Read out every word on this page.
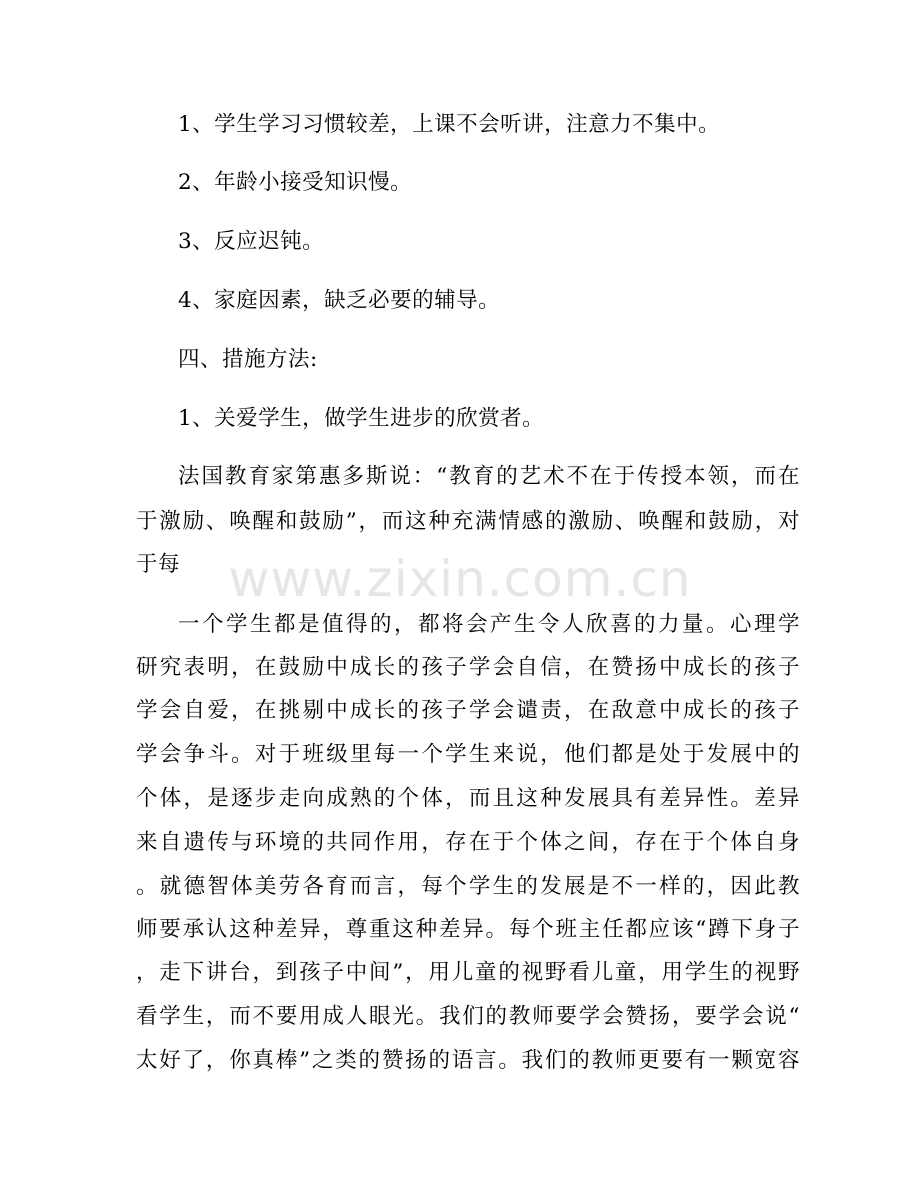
1、学生学习习惯较差，上课不会听讲，注意力不集中。
2、年龄小接受知识慢。
3、反应迟钝。
4、家庭因素，缺乏必要的辅导。
四、措施方法:
1、关爱学生，做学生进步的欣赏者。
法国教育家第惠多斯说：“教育的艺术不在于传授本领，而在
于激励、唤醒和鼓励”，而这种充满情感的激励、唤醒和鼓励，对
于每 www.zixin.com.cn
一个学生都是值得的，都将会产生令人欣喜的力量。心理学
研究表明，在鼓励中成长的孩子学会自信，在赞扬中成长的孩子
学会自爱，在挑剔中成长的孩子学会谴责，在敌意中成长的孩子
学会争斗。对于班级里每一个学生来说，他们都是处于发展中的
个体，是逐步走向成熟的个体，而且这种发展具有差异性。差异
来自遗传与环境的共同作用，存在于个体之间，存在于个体自身
。就德智体美劳各育而言，每个学生的发展是不一样的，因此教
师要承认这种差异，尊重这种差异。每个班主任都应该“蹲下身子
，走下讲台，到孩子中间”，用儿童的视野看儿童，用学生的视野
看学生，而不要用成人眼光。我们的教师要学会赞扬，要学会说“
太好了，你真棒”之类的赞扬的语言。我们的教师更要有一颗宽容
